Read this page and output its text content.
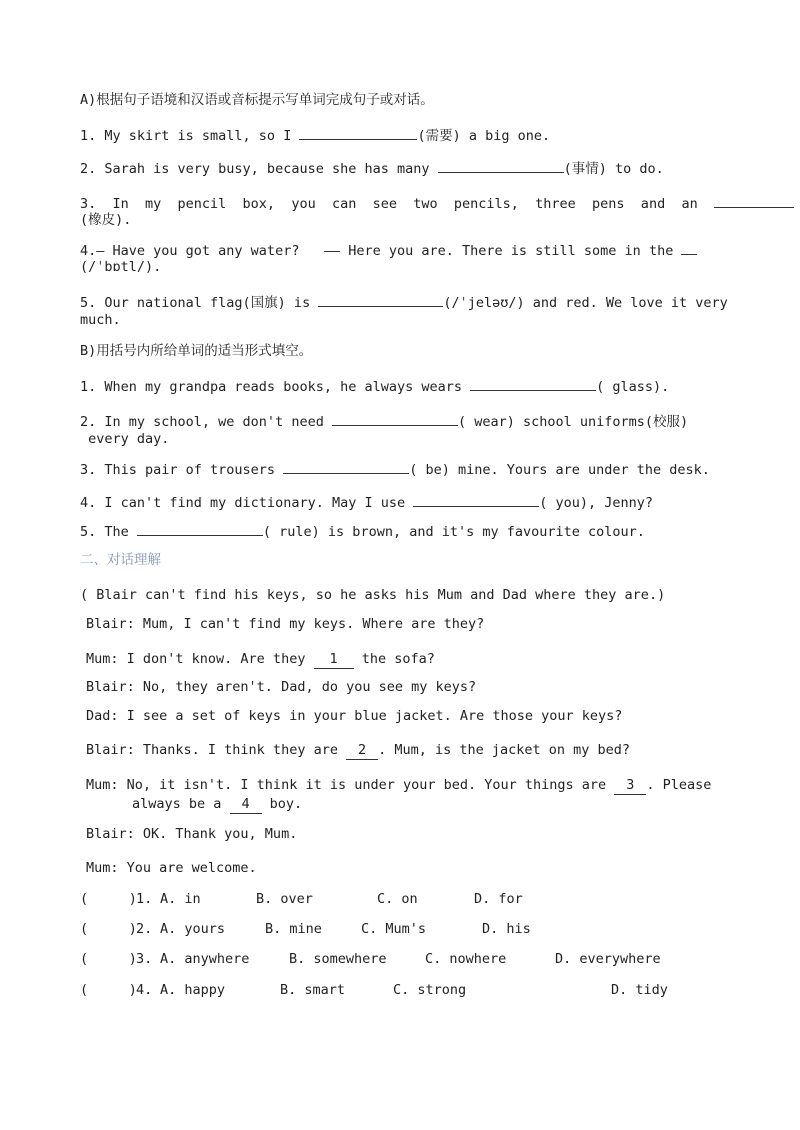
A)根据句子语境和汉语或音标提示写单词完成句子或对话。
1. My skirt is small, so I	(需要) a big one.
2. Sarah is very busy, because she has many	(事情) to do.
3.  In  my  pencil  box,  you  can  see  two  pencils,  three  pens  and  an
(橡皮).
4.— Have you got any water?   —— Here you are. There is still some in the
(/ˈbɒtl/).
5. Our national flag(国旗) is	(/ˈjeləʊ/) and red. We love it very
much.
B)用括号内所给单词的适当形式填空。
1. When my grandpa reads books, he always wears	( glass).
2. In my school, we don't need	( wear) school uniforms(校服)
every day.
3. This pair of trousers	( be) mine. Yours are under the desk.
4. I can't find my dictionary. May I use	( you), Jenny?
5. The	( rule) is brown, and it's my favourite colour.
二、对话理解
( Blair can't find his keys, so he asks his Mum and Dad where they are.)
Blair: Mum, I can't find my keys. Where are they?
Mum: I don't know. Are they 1 the sofa?
Blair: No, they aren't. Dad, do you see my keys?
Dad: I see a set of keys in your blue jacket. Are those your keys?
Blair: Thanks. I think they are 2 . Mum, is the jacket on my bed?
Mum: No, it isn't. I think it is under your bed. Your things are 3 . Please
always be a 4 boy.
Blair: OK. Thank you, Mum.
Mum: You are welcome.
(     ) 1. A. in	B. over	C. on	D. for
(     ) 2. A. yours	B. mine	C. Mum's	D. his
(     ) 3. A. anywhere	B. somewhere	C. nowhere	D. everywhere
(     ) 4. A. happy	B. smart	C. strong	D. tidy
